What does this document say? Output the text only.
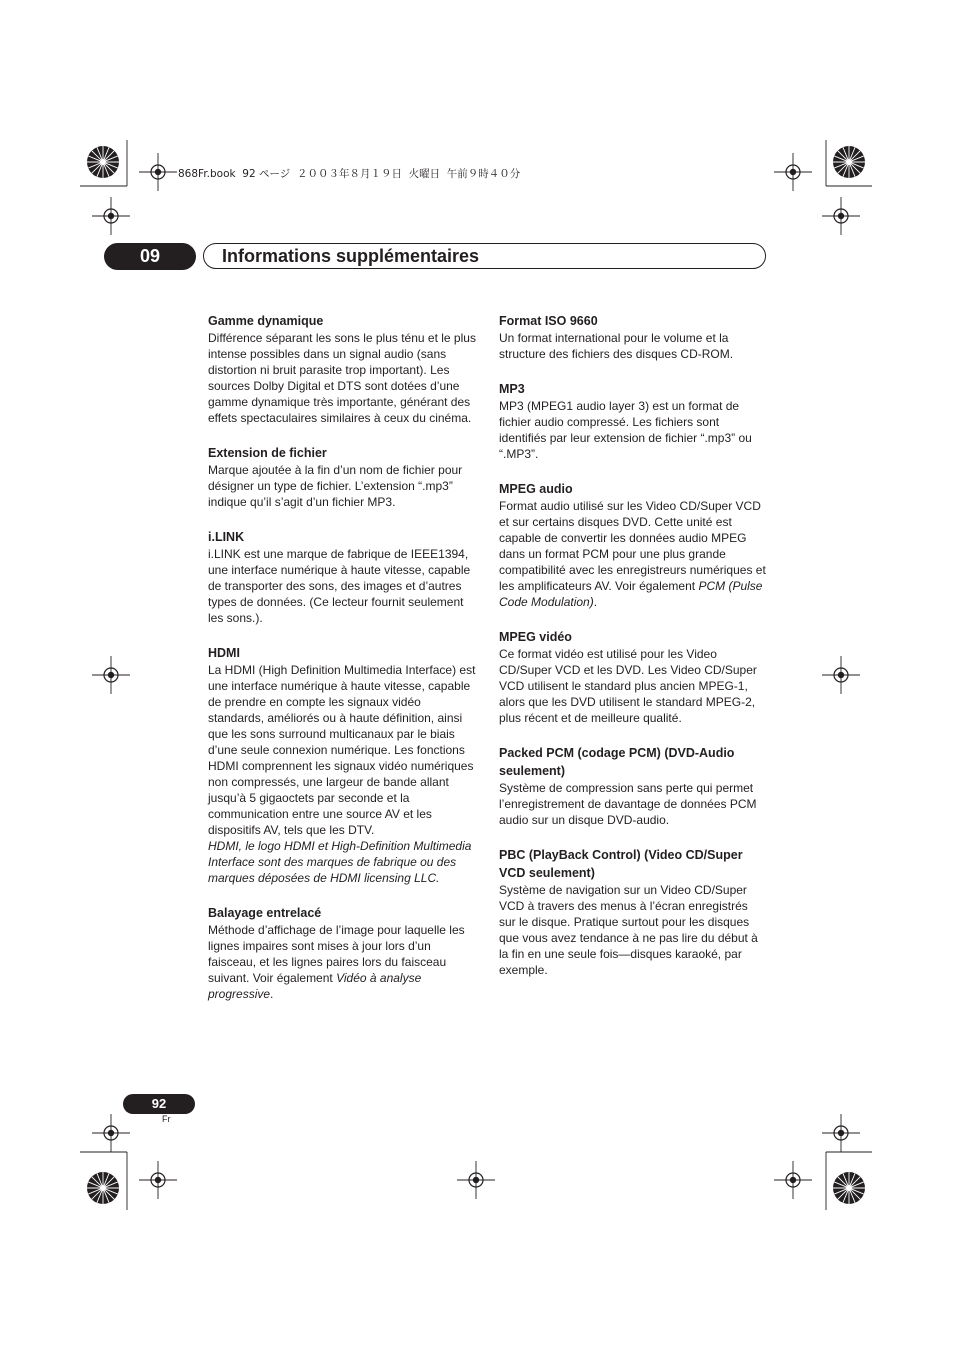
868Fr.book  92 ページ  ２００３年８月１９日  火曜日  午前９時４０分
09	Informations supplémentaires

Gamme dynamique

Différence séparant les sons le plus ténu et le plus intense possibles dans un signal audio (sans distortion ni bruit parasite trop important). Les sources Dolby Digital et DTS sont dotées d’une gamme dynamique très importante, générant des effets spectaculaires similaires à ceux du cinéma.

Extension de fichier

Marque ajoutée à la fin d’un nom de fichier pour désigner un type de fichier. L’extension “.mp3” indique qu’il s’agit d’un fichier MP3.

i.LINK

i.LINK est une marque de fabrique de IEEE1394, une interface numérique à haute vitesse, capable de transporter des sons, des images et d’autres types de données. (Ce lecteur fournit seulement les sons.).

HDMI

La HDMI (High Definition Multimedia Interface) est une interface numérique à haute vitesse, capable de prendre en compte les signaux vidéo standards, améliorés ou à haute définition, ainsi que les sons surround multicanaux par le biais d’une seule connexion numérique. Les fonctions HDMI comprennent les signaux vidéo numériques non compressés, une largeur de bande allant jusqu’à 5 gigaoctets par seconde et la communication entre une source AV et les dispositifs AV, tels que les DTV.

HDMI, le logo HDMI et High-Definition Multimedia Interface sont des marques de fabrique ou des marques déposées de HDMI licensing LLC.

Balayage entrelacé

Méthode d’affichage de l’image pour laquelle les lignes impaires sont mises à jour lors d’un faisceau, et les lignes paires lors du faisceau suivant. Voir également Vidéo à analyse progressive.

Format ISO 9660

Un format international pour le volume et la structure des fichiers des disques CD-ROM.

MP3

MP3 (MPEG1 audio layer 3) est un format de fichier audio compressé. Les fichiers sont identifiés par leur extension de fichier “.mp3” ou “.MP3”.

MPEG audio

Format audio utilisé sur les Video CD/Super VCD et sur certains disques DVD. Cette unité est capable de convertir les données audio MPEG dans un format PCM pour une plus grande compatibilité avec les enregistreurs numériques et les amplificateurs AV. Voir également PCM (Pulse Code Modulation).

MPEG vidéo

Ce format vidéo est utilisé pour les Video CD/Super VCD et les DVD. Les Video CD/Super VCD utilisent le standard plus ancien MPEG-1, alors que les DVD utilisent le standard MPEG-2, plus récent et de meilleure qualité.

Packed PCM (codage PCM) (DVD-Audio seulement)

Système de compression sans perte qui permet l’enregistrement de davantage de données PCM audio sur un disque DVD-audio.

PBC (PlayBack Control) (Video CD/Super VCD seulement)

Système de navigation sur un Video CD/Super VCD à travers des menus à l’écran enregistrés sur le disque. Pratique surtout pour les disques que vous avez tendance à ne pas lire du début à la fin en une seule fois—disques karaoké, par exemple.

92
Fr
